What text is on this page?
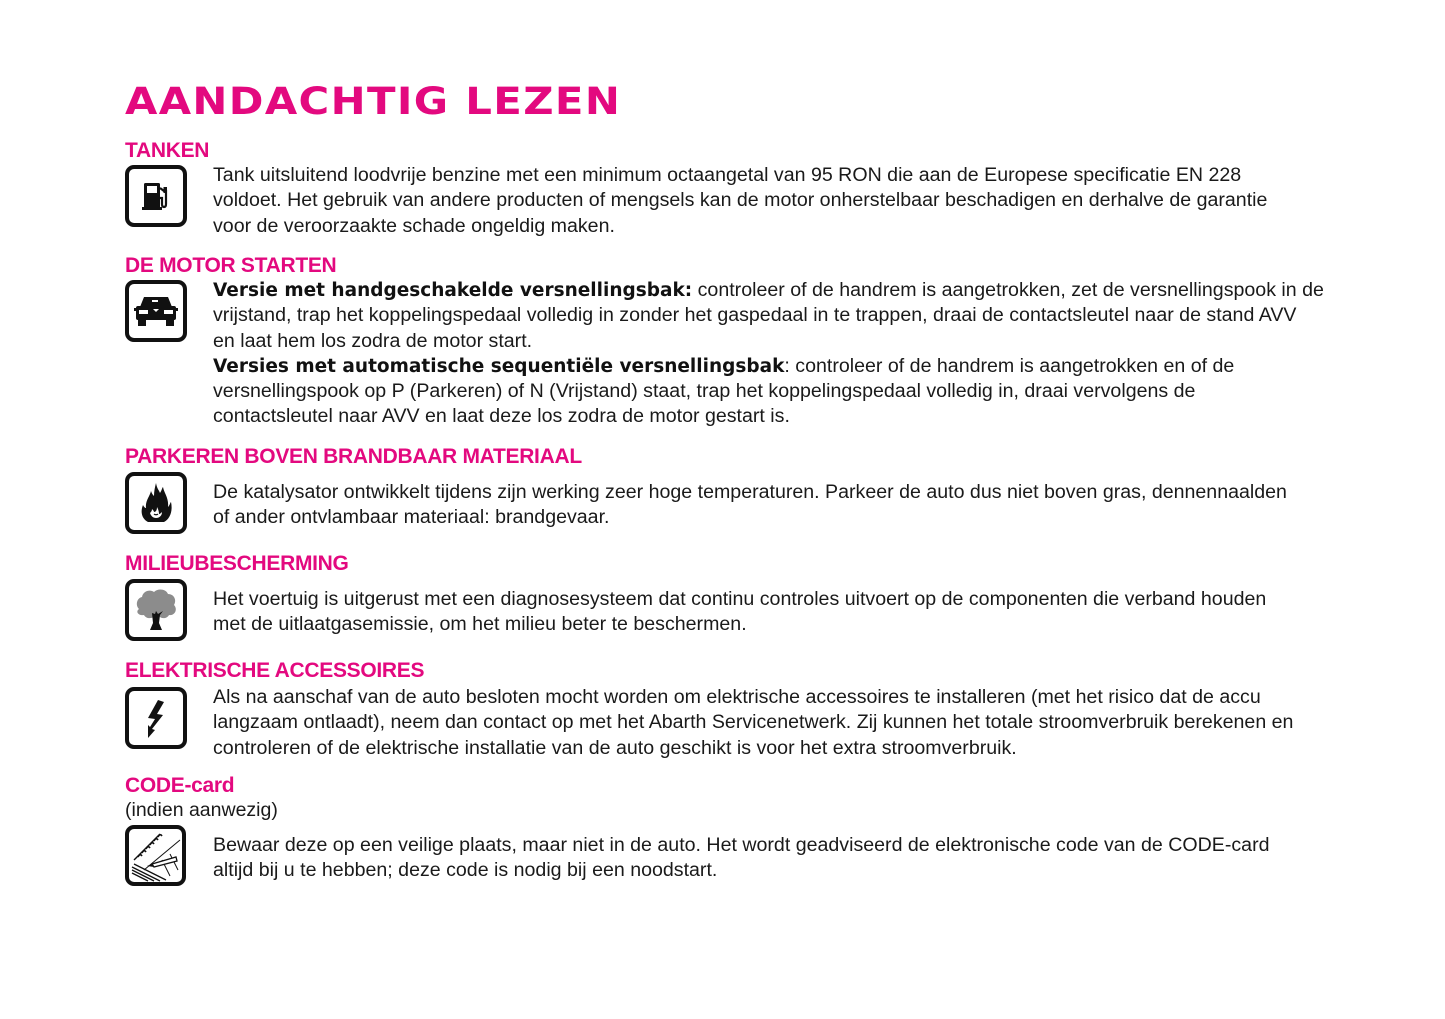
AANDACHTIG LEZEN
TANKEN
Tank uitsluitend loodvrije benzine met een minimum octaangetal van 95 RON die aan de Europese specificatie EN 228
voldoet. Het gebruik van andere producten of mengsels kan de motor onherstelbaar beschadigen en derhalve de garantie
voor de veroorzaakte schade ongeldig maken.
DE MOTOR STARTEN
Versie met handgeschakelde versnellingsbak: controleer of de handrem is aangetrokken, zet de versnellingspook in de
vrijstand, trap het koppelingspedaal volledig in zonder het gaspedaal in te trappen, draai de contactsleutel naar de stand AVV
en laat hem los zodra de motor start.
Versies met automatische sequentiële versnellingsbak: controleer of de handrem is aangetrokken en of de
versnellingspook op P (Parkeren) of N (Vrijstand) staat, trap het koppelingspedaal volledig in, draai vervolgens de
contactsleutel naar AVV en laat deze los zodra de motor gestart is.
PARKEREN BOVEN BRANDBAAR MATERIAAL
De katalysator ontwikkelt tijdens zijn werking zeer hoge temperaturen. Parkeer de auto dus niet boven gras, dennennaalden
of ander ontvlambaar materiaal: brandgevaar.
MILIEUBESCHERMING
Het voertuig is uitgerust met een diagnosesysteem dat continu controles uitvoert op de componenten die verband houden
met de uitlaatgasemissie, om het milieu beter te beschermen.
ELEKTRISCHE ACCESSOIRES
Als na aanschaf van de auto besloten mocht worden om elektrische accessoires te installeren (met het risico dat de accu
langzaam ontlaadt), neem dan contact op met het Abarth Servicenetwerk. Zij kunnen het totale stroomverbruik berekenen en
controleren of de elektrische installatie van de auto geschikt is voor het extra stroomverbruik.
CODE-card
(indien aanwezig)
Bewaar deze op een veilige plaats, maar niet in de auto. Het wordt geadviseerd de elektronische code van de CODE-card
altijd bij u te hebben; deze code is nodig bij een noodstart.
